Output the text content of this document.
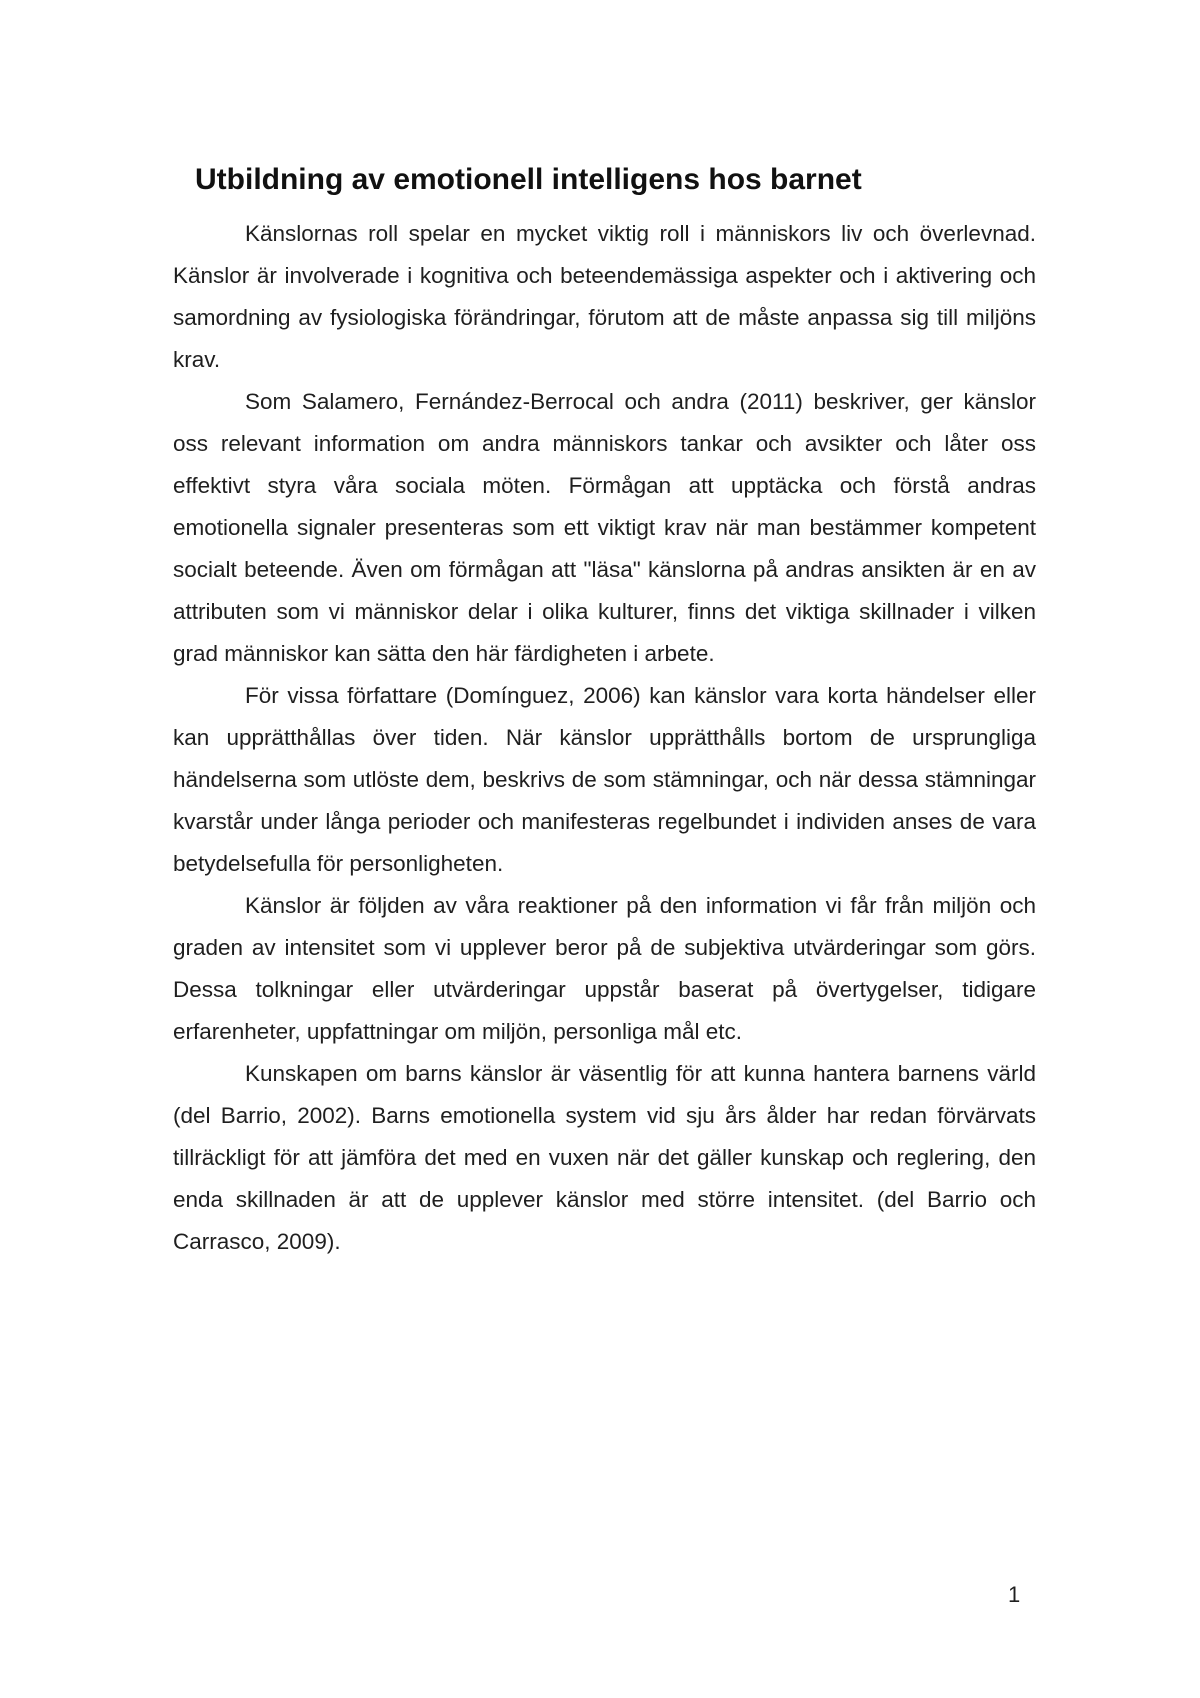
Utbildning av emotionell intelligens hos barnet

Känslornas roll spelar en mycket viktig roll i människors liv och överlevnad. Känslor är involverade i kognitiva och beteendemässiga aspekter och i aktivering och samordning av fysiologiska förändringar, förutom att de måste anpassa sig till miljöns krav.

Som Salamero, Fernández-Berrocal och andra (2011) beskriver, ger känslor oss relevant information om andra människors tankar och avsikter och låter oss effektivt styra våra sociala möten. Förmågan att upptäcka och förstå andras emotionella signaler presenteras som ett viktigt krav när man bestämmer kompetent socialt beteende. Även om förmågan att "läsa" känslorna på andras ansikten är en av attributen som vi människor delar i olika kulturer, finns det viktiga skillnader i vilken grad människor kan sätta den här färdigheten i arbete.

För vissa författare (Domínguez, 2006) kan känslor vara korta händelser eller kan upprätthållas över tiden. När känslor upprätthålls bortom de ursprungliga händelserna som utlöste dem, beskrivs de som stämningar, och när dessa stämningar kvarstår under långa perioder och manifesteras regelbundet i individen anses de vara betydelsefulla för personligheten.

Känslor är följden av våra reaktioner på den information vi får från miljön och graden av intensitet som vi upplever beror på de subjektiva utvärderingar som görs. Dessa tolkningar eller utvärderingar uppstår baserat på övertygelser, tidigare erfarenheter, uppfattningar om miljön, personliga mål etc.

Kunskapen om barns känslor är väsentlig för att kunna hantera barnens värld (del Barrio, 2002). Barns emotionella system vid sju års ålder har redan förvärvats tillräckligt för att jämföra det med en vuxen när det gäller kunskap och reglering, den enda skillnaden är att de upplever känslor med större intensitet. (del Barrio och Carrasco, 2009).

1
